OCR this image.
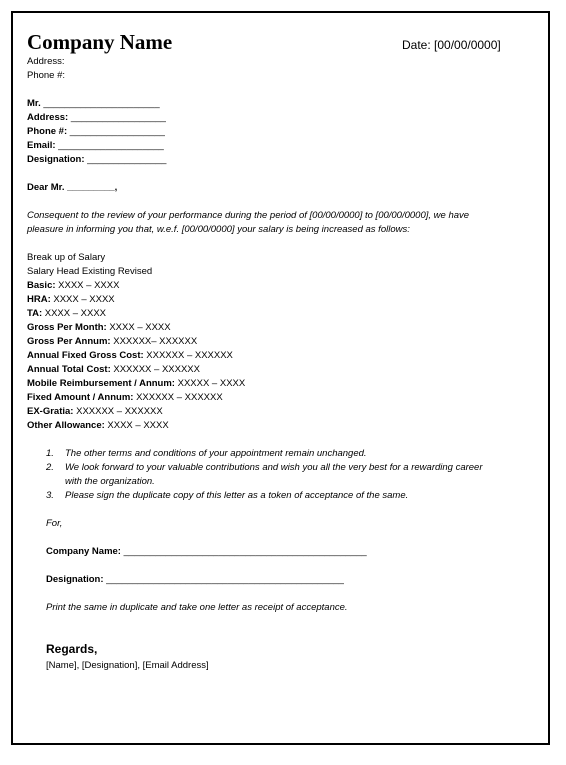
Company Name	Date: [00/00/0000]
Address:
Phone #:
Mr. ______________________
Address: __________________
Phone #: __________________
Email: ____________________
Designation: _______________
Dear Mr. _________,
Consequent to the review of your performance during the period of [00/00/0000] to [00/00/0000], we have
pleasure in informing you that, w.e.f. [00/00/0000] your salary is being increased as follows:
Break up of Salary
Salary Head Existing Revised
Basic: XXXX – XXXX
HRA: XXXX – XXXX
TA: XXXX – XXXX
Gross Per Month: XXXX – XXXX
Gross Per Annum: XXXXXX– XXXXXX
Annual Fixed Gross Cost: XXXXXX – XXXXXX
Annual Total Cost: XXXXXX – XXXXXX
Mobile Reimbursement / Annum: XXXXX – XXXX
Fixed Amount / Annum: XXXXXX – XXXXXX
EX-Gratia: XXXXXX – XXXXXX
Other Allowance: XXXX – XXXX
1.	The other terms and conditions of your appointment remain unchanged.
2.	We look forward to your valuable contributions and wish you all the very best for a rewarding career
with the organization.
3.	Please sign the duplicate copy of this letter as a token of acceptance of the same.
For,
Company Name: ______________________________________________
Designation: _____________________________________________
Print the same in duplicate and take one letter as receipt of acceptance.
Regards,
[Name], [Designation], [Email Address]
